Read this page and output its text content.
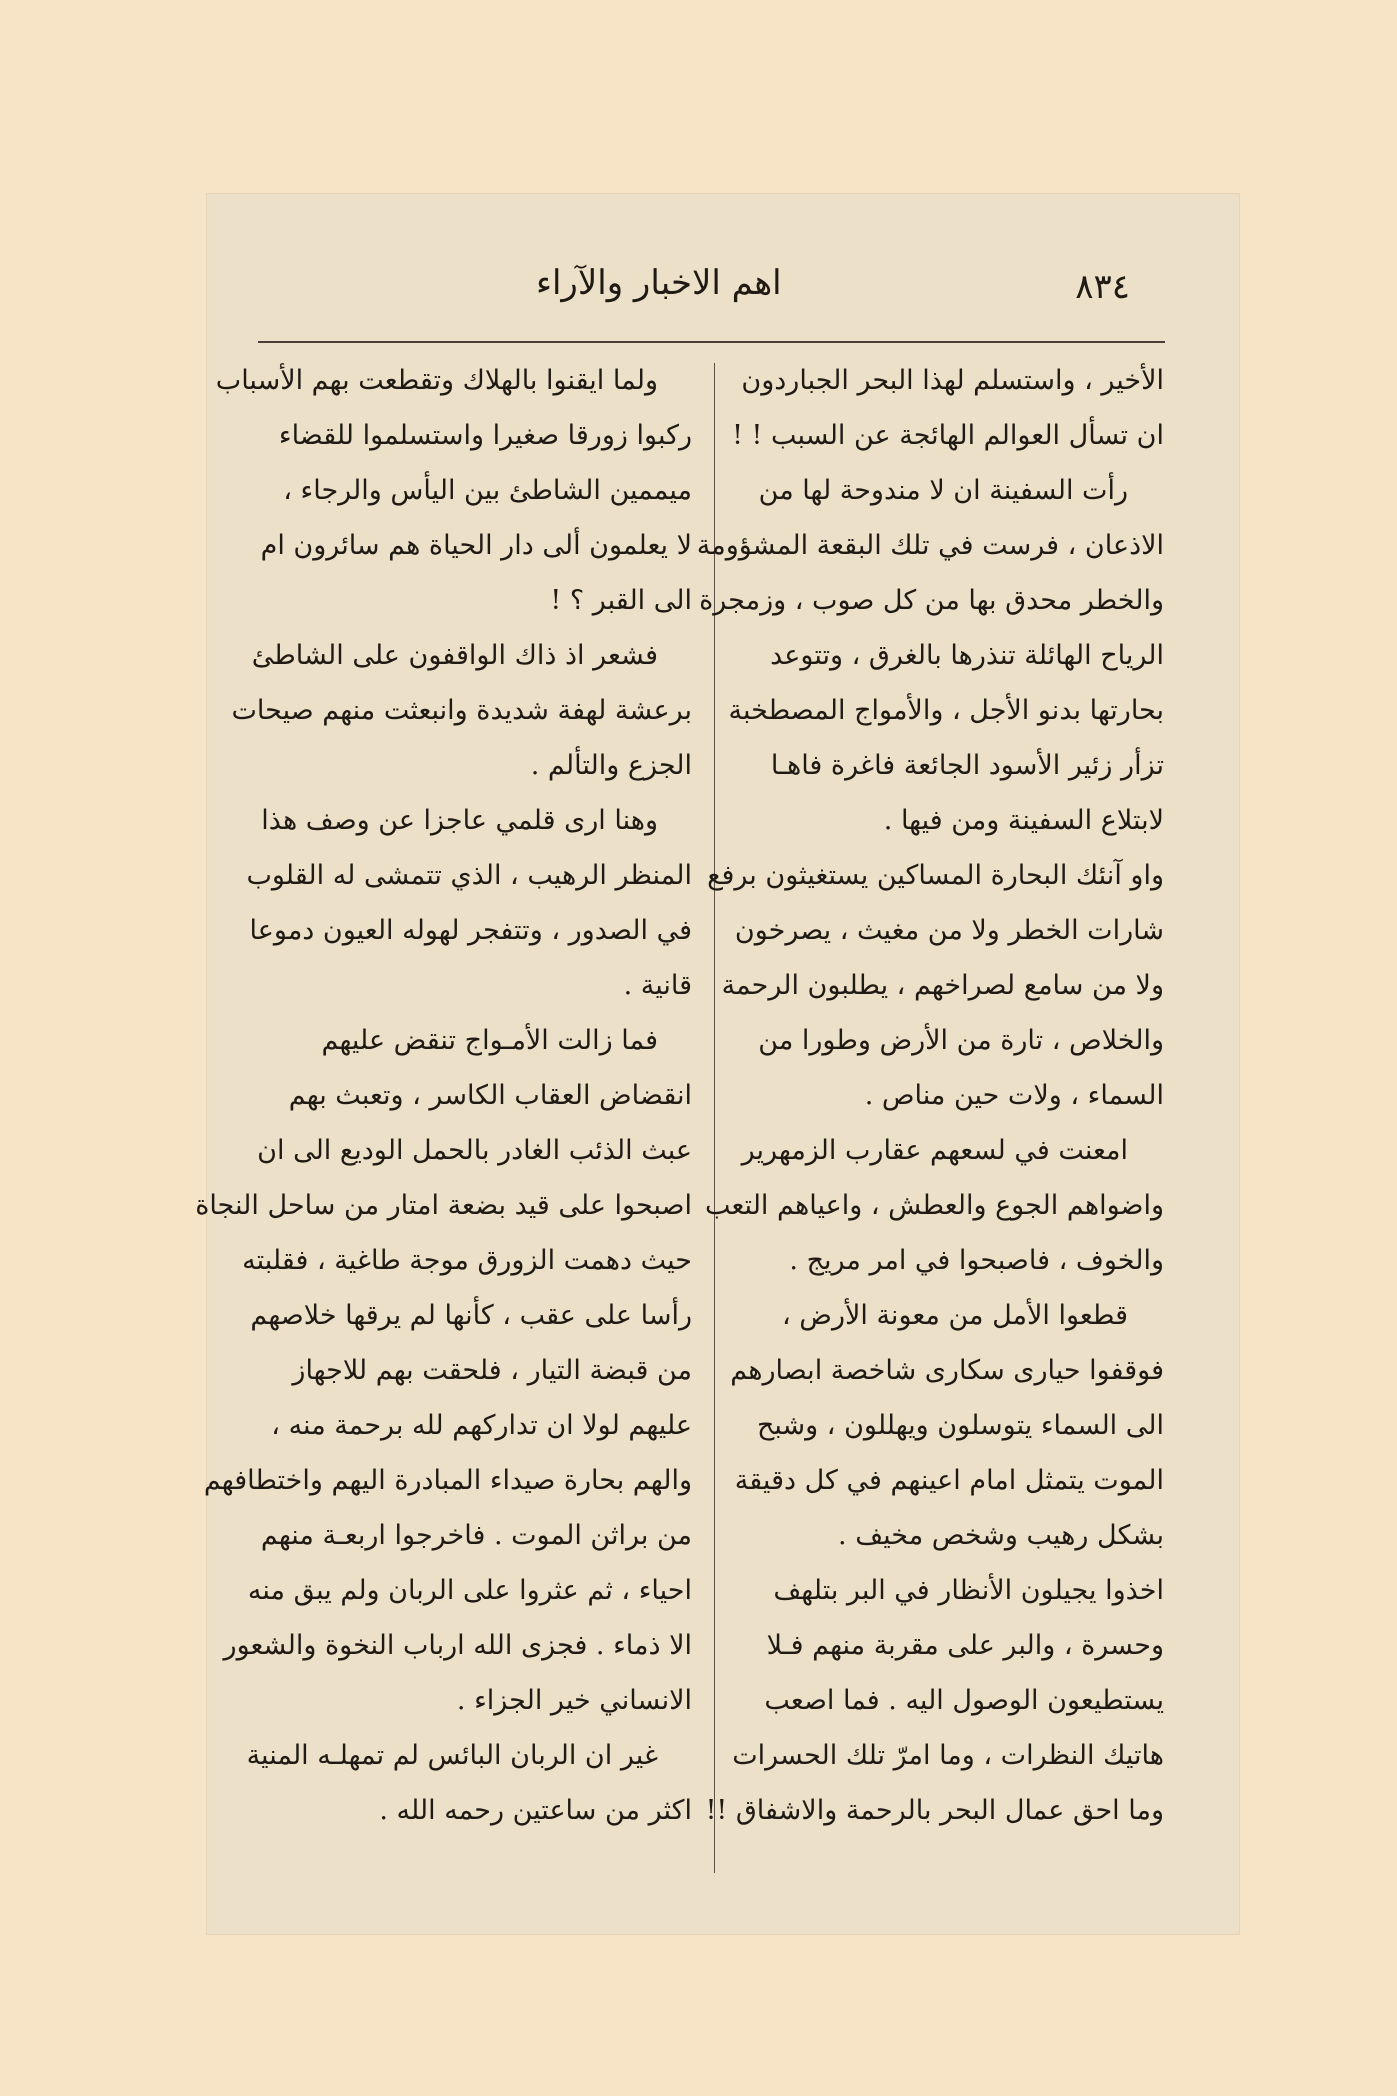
٨٣٤
اهم الاخبار والآراء
الأخير ، واستسلم لهذا البحر الجباردون
ان تسأل العوالم الهائجة عن السبب ! !
رأت السفينة ان لا مندوحة لها من
الاذعان ، فرست في تلك البقعة المشؤومة
والخطر محدق بها من كل صوب ، وزمجرة
الرياح الهائلة تنذرها بالغرق ، وتتوعد
بحارتها بدنو الأجل ، والأمواج المصطخبة
تزأر زئير الأسود الجائعة فاغرة فاهـا
لابتلاع السفينة ومن فيها .
واو آنئك البحارة المساكين يستغيثون برفع
شارات الخطر ولا من مغيث ، يصرخون
ولا من سامع لصراخهم ، يطلبون الرحمة
والخلاص ، تارة من الأرض وطورا من
السماء ، ولات حين مناص .
امعنت في لسعهم عقارب الزمهرير
واضواهم الجوع والعطش ، واعياهم التعب
والخوف ، فاصبحوا في امر مريج .
قطعوا الأمل من معونة الأرض ،
فوقفوا حيارى سكارى شاخصة ابصارهم
الى السماء يتوسلون ويهللون ، وشبح
الموت يتمثل امام اعينهم في كل دقيقة
بشكل رهيب وشخص مخيف .
اخذوا يجيلون الأنظار في البر بتلهف
وحسرة ، والبر على مقربة منهم فـلا
يستطيعون الوصول اليه . فما اصعب
هاتيك النظرات ، وما امرّ تلك الحسرات
وما احق عمال البحر بالرحمة والاشفاق !!
ولما ايقنوا بالهلاك وتقطعت بهم الأسباب
ركبوا زورقا صغيرا واستسلموا للقضاء
ميممين الشاطئ بين اليأس والرجاء ،
لا يعلمون ألى دار الحياة هم سائرون ام
الى القبر ؟ !
فشعر اذ ذاك الواقفون على الشاطئ
برعشة لهفة شديدة وانبعثت منهم صيحات
الجزع والتألم .
وهنا ارى قلمي عاجزا عن وصف هذا
المنظر الرهيب ، الذي تتمشى له القلوب
في الصدور ، وتتفجر لهوله العيون دموعا
قانية .
فما زالت الأمـواج تنقض عليهم
انقضاض العقاب الكاسر ، وتعبث بهم
عبث الذئب الغادر بالحمل الوديع الى ان
اصبحوا على قيد بضعة امتار من ساحل النجاة
حيث دهمت الزورق موجة طاغية ، فقلبته
رأسا على عقب ، كأنها لم يرقها خلاصهم
من قبضة التيار ، فلحقت بهم للاجهاز
عليهم لولا ان تداركهم لله برحمة منه ،
والهم بحارة صيداء المبادرة اليهم واختطافهم
من براثن الموت . فاخرجوا اربعـة منهم
احياء ، ثم عثروا على الربان ولم يبق منه
الا ذماء . فجزى الله ارباب النخوة والشعور
الانساني خير الجزاء .
غير ان الربان البائس لم تمهلـه المنية
اكثر من ساعتين رحمه الله .
